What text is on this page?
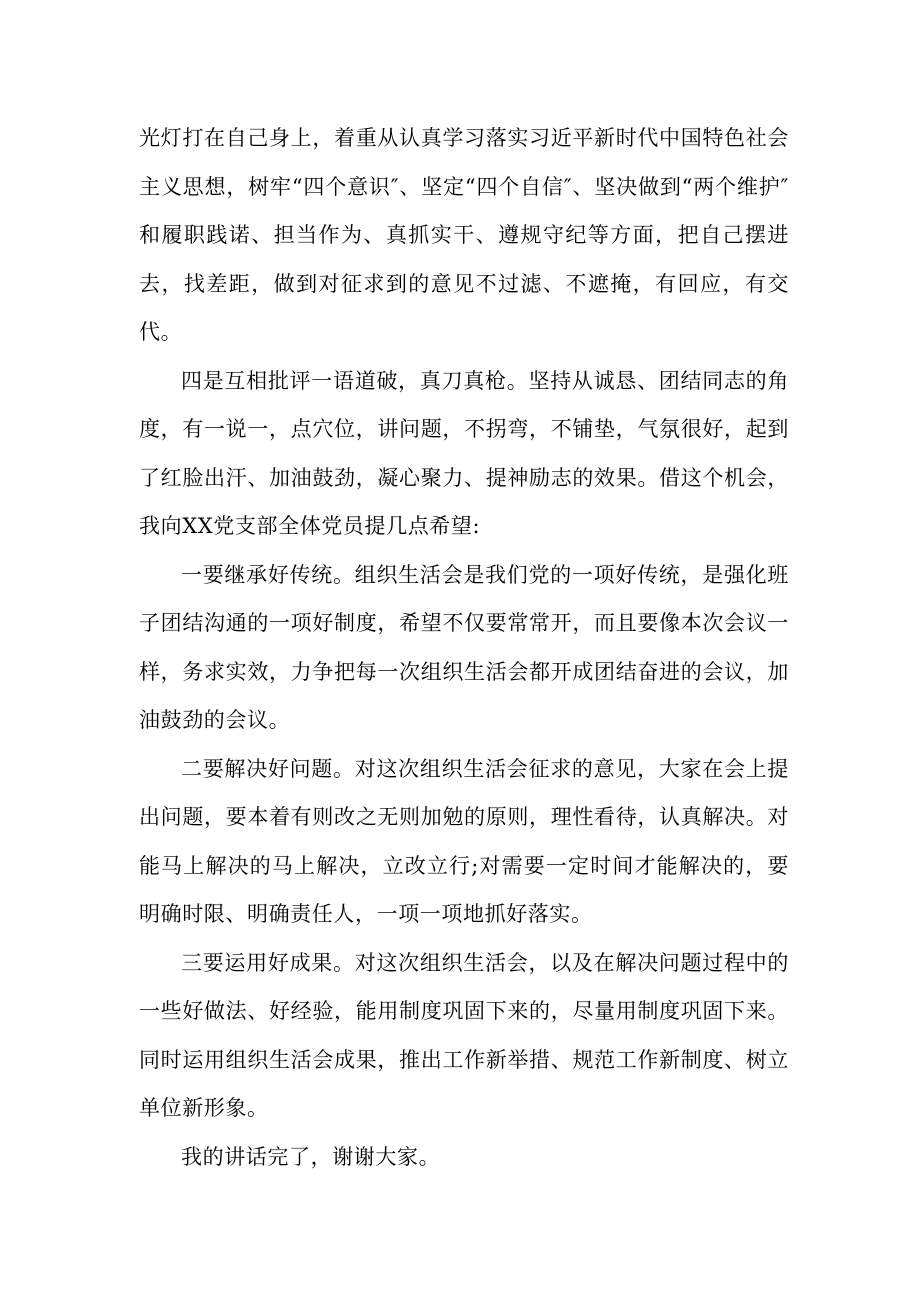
光灯打在自己身上，着重从认真学习落实习近平新时代中国特色社会主义思想，树牢“四个意识″、坚定“四个自信″、坚决做到“两个维护″和履职践诺、担当作为、真抓实干、遵规守纪等方面，把自己摆进去，找差距，做到对征求到的意见不过滤、不遮掩，有回应，有交代。

四是互相批评一语道破，真刀真枪。坚持从诚恳、团结同志的角度，有一说一，点穴位，讲问题，不拐弯，不铺垫，气氛很好，起到了红脸出汗、加油鼓劲，凝心聚力、提神励志的效果。借这个机会，我向XX党支部全体党员提几点希望:

一要继承好传统。组织生活会是我们党的一项好传统，是强化班子团结沟通的一项好制度，希望不仅要常常开，而且要像本次会议一样，务求实效，力争把每一次组织生活会都开成团结奋进的会议，加油鼓劲的会议。

二要解决好问题。对这次组织生活会征求的意见，大家在会上提出问题，要本着有则改之无则加勉的原则，理性看待，认真解决。对能马上解决的马上解决，立改立行;对需要一定时间才能解决的，要明确时限、明确责任人，一项一项地抓好落实。

三要运用好成果。对这次组织生活会，以及在解决问题过程中的一些好做法、好经验，能用制度巩固下来的，尽量用制度巩固下来。同时运用组织生活会成果，推出工作新举措、规范工作新制度、树立单位新形象。

我的讲话完了，谢谢大家。
